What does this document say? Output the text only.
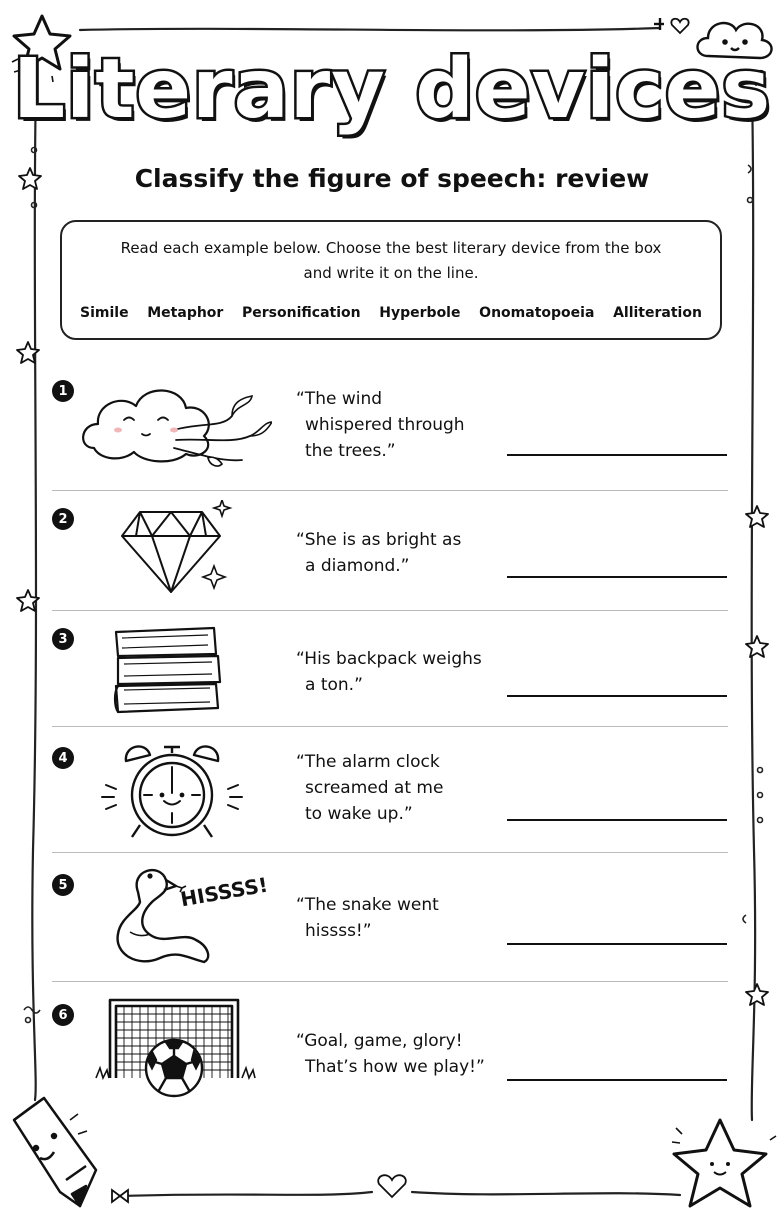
Literary devices
Classify the figure of speech: review
Read each example below. Choose the best literary device from the box
and write it on the line.
Simile Metaphor Personification Hyperbole Onomatopoeia Alliteration
1	“The wind
whispered through
the trees.”
2
“She is as bright as
a diamond.”
3
“His backpack weighs
a ton.”
4	“The alarm clock
screamed at me
to wake up.”
5	HISSSS! “The snake went
hissss!”
6
“Goal, game, glory!
That’s how we play!”
